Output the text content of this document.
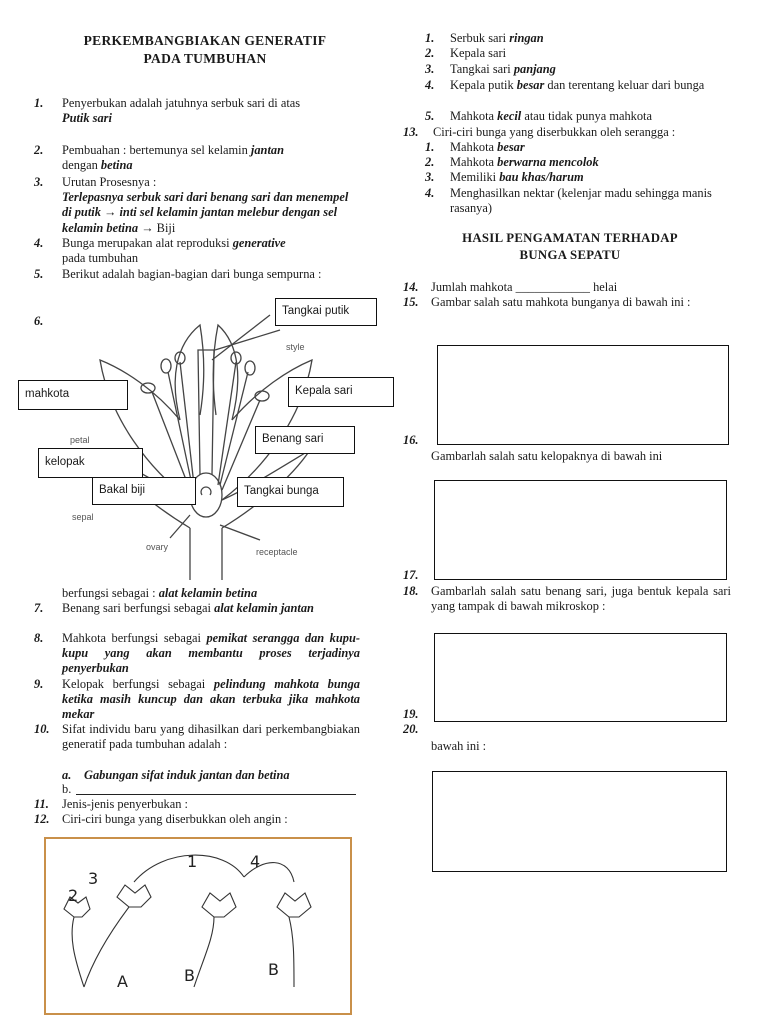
PERKEMBANGBIAKAN GENERATIF
PADA TUMBUHAN
1.	Penyerbukan adalah jatuhnya serbuk sari di atas
Putik sari
2.	Pembuahan : bertemunya sel kelamin jantan
dengan betina
3.	Urutan Prosesnya :
Terlepasnya serbuk sari dari benang sari dan menempel di putik → inti sel kelamin jantan melebur dengan sel kelamin betina → Biji
4.	Bunga merupakan alat reproduksi generative
pada tumbuhan
5.	Berikut adalah bagian-bagian dari bunga sempurna :
6.
style
petal
sepal
ovary	receptacle
Tangkai putik
Kepala sari
mahkota
Benang sari
kelopak
Bakal biji	Tangkai bunga
berfungsi sebagai : alat kelamin betina
7.	Benang sari berfungsi sebagai alat kelamin jantan
8.	Mahkota berfungsi sebagai pemikat serangga dan kupu-kupu yang akan membantu proses terjadinya penyerbukan
9.	Kelopak berfungsi sebagai pelindung mahkota bunga ketika masih kuncup dan akan terbuka jika mahkota mekar
10.	Sifat individu baru yang dihasilkan dari perkembangbiakan generatif pada tumbuhan adalah :
a.	Gabungan sifat induk jantan dan betina
b.
11.	Jenis-jenis penyerbukan :
12.	Ciri-ciri bunga yang diserbukkan oleh angin :
1
2
3
4
A	B	B
1.	Serbuk sari ringan
2.	Kepala sari
3.	Tangkai sari panjang
4.	Kepala putik besar dan terentang keluar dari bunga
5.	Mahkota kecil atau tidak punya mahkota
13.	Ciri-ciri bunga yang diserbukkan oleh serangga :
1.	Mahkota besar
2.	Mahkota berwarna mencolok
3.	Memiliki bau khas/harum
4.	Menghasilkan nektar (kelenjar madu sehingga manis rasanya)
HASIL PENGAMATAN TERHADAP
BUNGA SEPATU
14.	Jumlah mahkota ____________ helai
15.	Gambar salah satu mahkota bunganya di bawah ini :
16.
Gambarlah salah satu kelopaknya di bawah ini
17.
18.	Gambarlah salah satu benang sari, juga bentuk kepala sari yang tampak di bawah mikroskop :
19.
20.
bawah ini :
